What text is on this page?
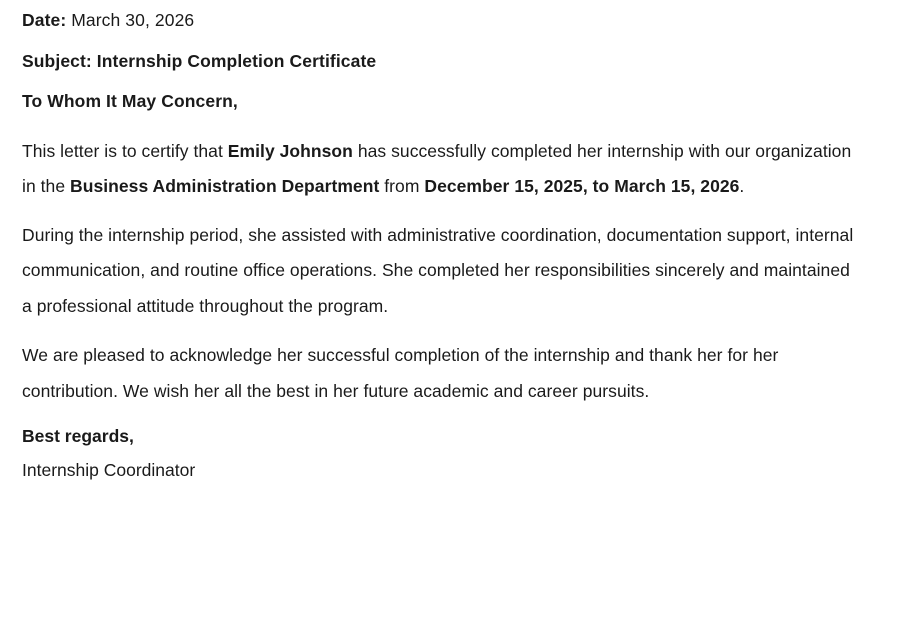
Date: March 30, 2026

Subject: Internship Completion Certificate

To Whom It May Concern,

This letter is to certify that Emily Johnson has successfully completed her internship with our organization in the Business Administration Department from December 15, 2025, to March 15, 2026.

During the internship period, she assisted with administrative coordination, documentation support, internal communication, and routine office operations. She completed her responsibilities sincerely and maintained a professional attitude throughout the program.

We are pleased to acknowledge her successful completion of the internship and thank her for her contribution. We wish her all the best in her future academic and career pursuits.

Best regards,

Internship Coordinator
